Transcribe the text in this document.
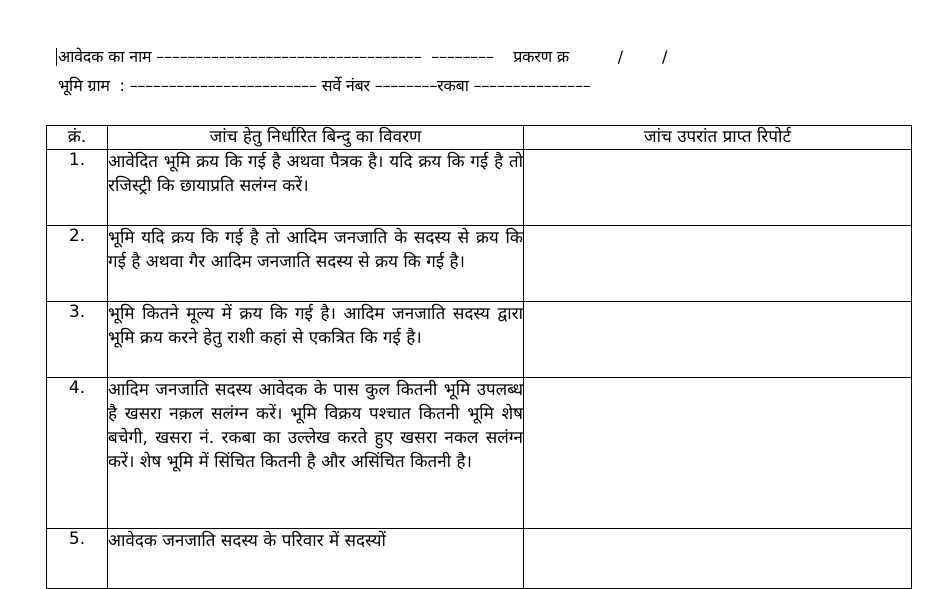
आवेदक का नाम ––––––––––––––––––––––––––––––––––  ––––––––    प्रकरण क्र          /        /
भूमि ग्राम  : –––––––––––––––––––––––– सर्वे नंबर ––––––––रकबा –––––––––––––––
क्रं.	जांच हेतु निर्धारित बिन्दु का विवरण	जांच उपरांत प्राप्त रिपोर्ट
1.	आवेदित भूमि क्रय कि गई है अथवा पैत्रक है। यदि क्रय कि गई है तो रजिस्ट्री कि छायाप्रति सलंग्न करें।	
2.	भूमि यदि क्रय कि गई है तो आदिम जनजाति के सदस्य से क्रय कि गई है अथवा गैर आदिम जनजाति सदस्य से क्रय कि गई है।	
3.	भूमि कितने मूल्य में क्रय कि गई है। आदिम जनजाति सदस्य द्वारा भूमि क्रय करने हेतु राशी कहां से एकत्रित कि गई है।	
4.	आदिम जनजाति सदस्य आवेदक के पास कुल कितनी भूमि उपलब्ध है खसरा नक़ल सलंग्न करें। भूमि विक्रय पश्चात कितनी भूमि शेष बचेगी, खसरा नं. रकबा का उल्लेख करते हुए खसरा नकल सलंग्न करें। शेष भूमि में सिंचित कितनी है और असिंचित कितनी है।	
5.	आवेदक जनजाति सदस्य के परिवार में सदस्यों	
